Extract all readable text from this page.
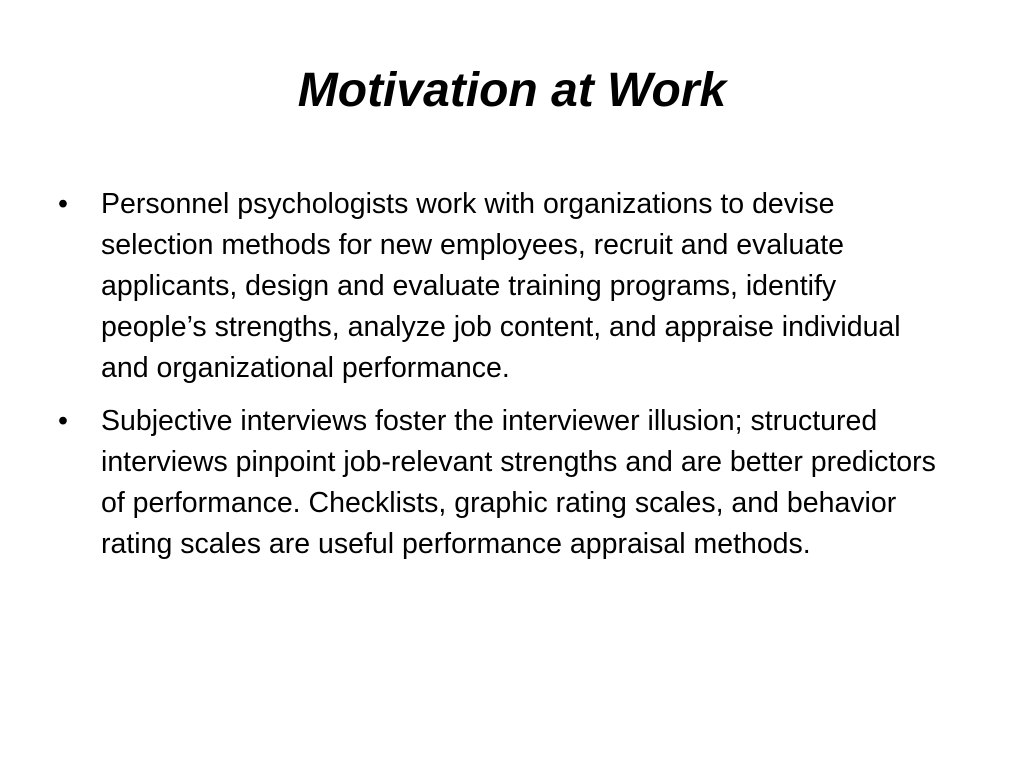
Motivation at Work
•	Personnel psychologists work with organizations to devise selection methods for new employees, recruit and evaluate applicants, design and evaluate training programs, identify people’s strengths, analyze job content, and appraise individual and organizational performance.
•	Subjective interviews foster the interviewer illusion; structured interviews pinpoint job-relevant strengths and are better predictors of performance. Checklists, graphic rating scales, and behavior rating scales are useful performance appraisal methods.
